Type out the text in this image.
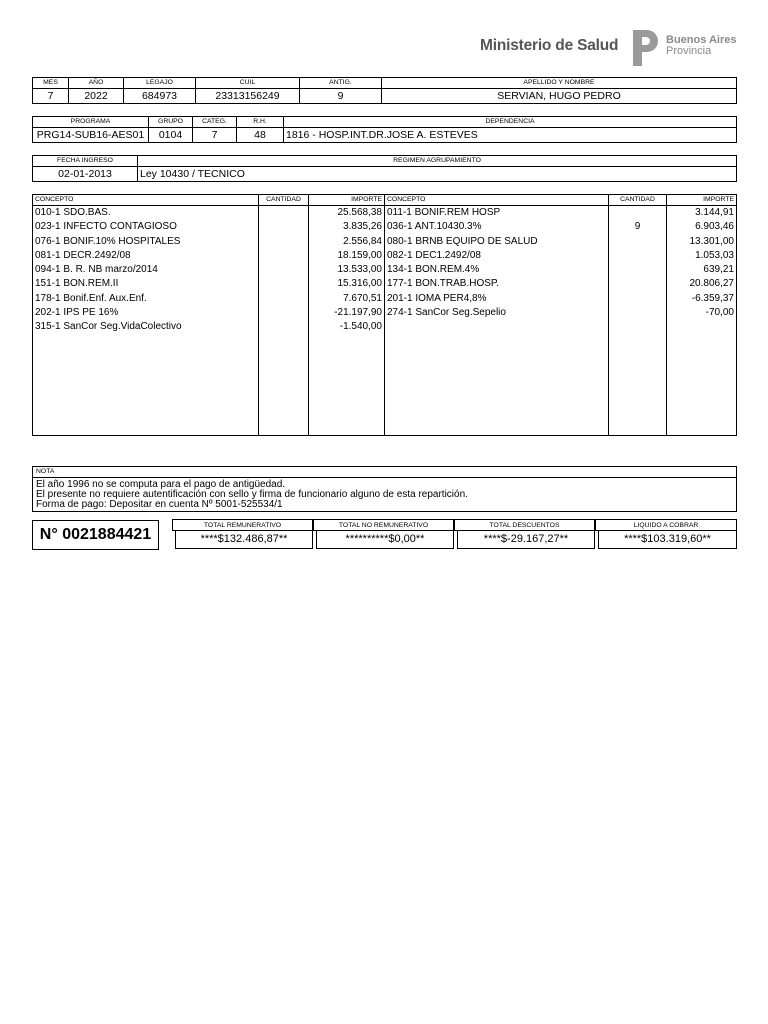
Ministerio de Salud	Buenos Aires
Provincia
MES	AÑO	LEGAJO	CUIL	ANTIG.	APELLIDO Y NOMBRE
7	2022	684973	23313156249	9	SERVIAN, HUGO PEDRO
PROGRAMA	GRUPO	CATEG.	R.H.	DEPENDENCIA
PRG14-SUB16-AES01	0104	7	48	1816 - HOSP.INT.DR.JOSE A. ESTEVES
FECHA INGRESO	REGIMEN AGRUPAMIENTO
02-01-2013	Ley 10430 / TECNICO
CONCEPTO	CANTIDAD	IMPORTE	CONCEPTO	CANTIDAD	IMPORTE
010-1 SDO.BAS.		25.568,38	011-1 BONIF.REM HOSP		3.144,91
023-1 INFECTO CONTAGIOSO		3.835,26	036-1 ANT.10430.3%	9	6.903,46
076-1 BONIF.10% HOSPITALES		2.556,84	080-1 BRNB EQUIPO DE SALUD		13.301,00
081-1 DECR.2492/08		18.159,00	082-1 DEC1.2492/08		1.053,03
094-1 B. R. NB marzo/2014		13.533,00	134-1 BON.REM.4%		639,21
151-1 BON.REM.II		15.316,00	177-1 BON.TRAB.HOSP.		20.806,27
178-1 Bonif.Enf. Aux.Enf.		7.670,51	201-1 IOMA PER4,8%		-6.359,37
202-1 IPS PE 16%		-21.197,90	274-1 SanCor Seg.Sepelio		-70,00
315-1 SanCor Seg.VidaColectivo		-1.540,00			

NOTA
El año 1996 no se computa para el pago de antigüedad.
El presente no requiere autentificación con sello y firma de funcionario alguno de esta repartición.
Forma de pago: Depositar en cuenta Nº 5001-525534/1
N° 0021884421
TOTAL REMUNERATIVO
****$132.486,87**
TOTAL NO REMUNERATIVO
**********$0,00**
TOTAL DESCUENTOS
****$-29.167,27**
LIQUIDO A COBRAR
****$103.319,60**
